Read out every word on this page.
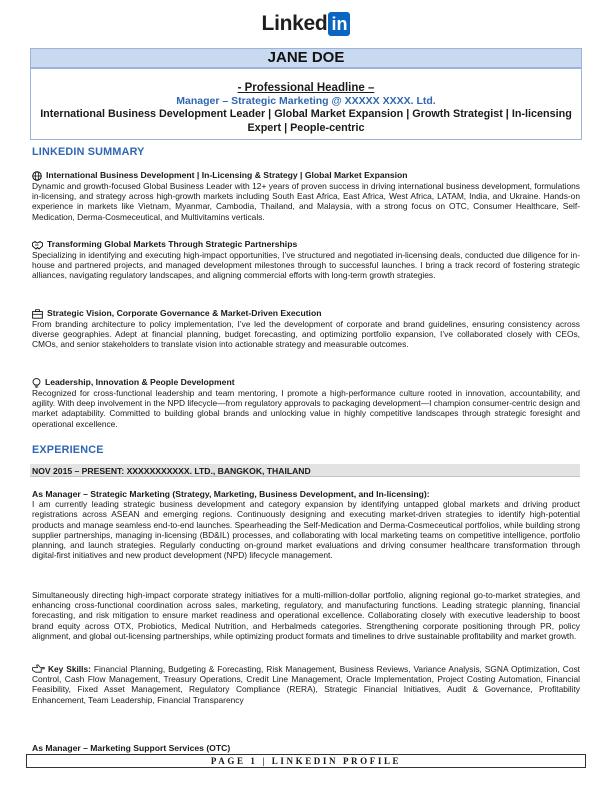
Linked in
JANE DOE
- Professional Headline –
Manager – Strategic Marketing @ XXXXX XXXX. Ltd.
International Business Development Leader | Global Market Expansion | Growth Strategist | In-licensing Expert | People-centric
LINKEDIN SUMMARY
International Business Development | In-Licensing & Strategy | Global Market Expansion
Dynamic and growth-focused Global Business Leader with 12+ years of proven success in driving international business development, formulations in-licensing, and strategy across high-growth markets including South East Africa, East Africa, West Africa, LATAM, India, and Ukraine. Hands-on experience in markets like Vietnam, Myanmar, Cambodia, Thailand, and Malaysia, with a strong focus on OTC, Consumer Healthcare, Self-Medication, Derma-Cosmeceutical, and Multivitamins verticals.
Transforming Global Markets Through Strategic Partnerships
Specializing in identifying and executing high-impact opportunities, I’ve structured and negotiated in-licensing deals, conducted due diligence for in-house and partnered projects, and managed development milestones through to successful launches. I bring a track record of fostering strategic alliances, navigating regulatory landscapes, and aligning commercial efforts with long-term growth strategies.
Strategic Vision, Corporate Governance & Market-Driven Execution
From branding architecture to policy implementation, I’ve led the development of corporate and brand guidelines, ensuring consistency across diverse geographies. Adept at financial planning, budget forecasting, and optimizing portfolio expansion, I’ve collaborated closely with CEOs, CMOs, and senior stakeholders to translate vision into actionable strategy and measurable outcomes.
Leadership, Innovation & People Development
Recognized for cross-functional leadership and team mentoring, I promote a high-performance culture rooted in innovation, accountability, and agility. With deep involvement in the NPD lifecycle—from regulatory approvals to packaging development—I champion consumer-centric design and market adaptability. Committed to building global brands and unlocking value in highly competitive landscapes through strategic foresight and operational excellence.
EXPERIENCE
NOV 2015 – PRESENT: XXXXXXXXXXX. LTD., BANGKOK, THAILAND
As Manager – Strategic Marketing (Strategy, Marketing, Business Development, and In-licensing):
I am currently leading strategic business development and category expansion by identifying untapped global markets and driving product registrations across ASEAN and emerging regions. Continuously designing and executing market-driven strategies to identify high-potential products and manage seamless end-to-end launches. Spearheading the Self-Medication and Derma-Cosmeceutical portfolios, while building strong supplier partnerships, managing in-licensing (BD&IL) processes, and collaborating with local marketing teams on competitive intelligence, portfolio planning, and launch strategies. Regularly conducting on-ground market evaluations and driving consumer healthcare transformation through digital-first initiatives and new product development (NPD) lifecycle management.
Simultaneously directing high-impact corporate strategy initiatives for a multi-million-dollar portfolio, aligning regional go-to-market strategies, and enhancing cross-functional coordination across sales, marketing, regulatory, and manufacturing functions. Leading strategic planning, financial forecasting, and risk mitigation to ensure market readiness and operational excellence. Collaborating closely with executive leadership to boost brand equity across OTX, Probiotics, Medical Nutrition, and Herbalmeds categories. Strengthening corporate positioning through PR, policy alignment, and global out-licensing partnerships, while optimizing product formats and timelines to drive sustainable profitability and market growth.
Key Skills: Financial Planning, Budgeting & Forecasting, Risk Management, Business Reviews, Variance Analysis, SGNA Optimization, Cost Control, Cash Flow Management, Treasury Operations, Credit Line Management, Oracle Implementation, Project Costing Automation, Financial Feasibility, Fixed Asset Management, Regulatory Compliance (RERA), Strategic Financial Initiatives, Audit & Governance, Profitability Enhancement, Team Leadership, Financial Transparency
As Manager – Marketing Support Services (OTC)
PAGE 1 | LINKEDIN PROFILE
